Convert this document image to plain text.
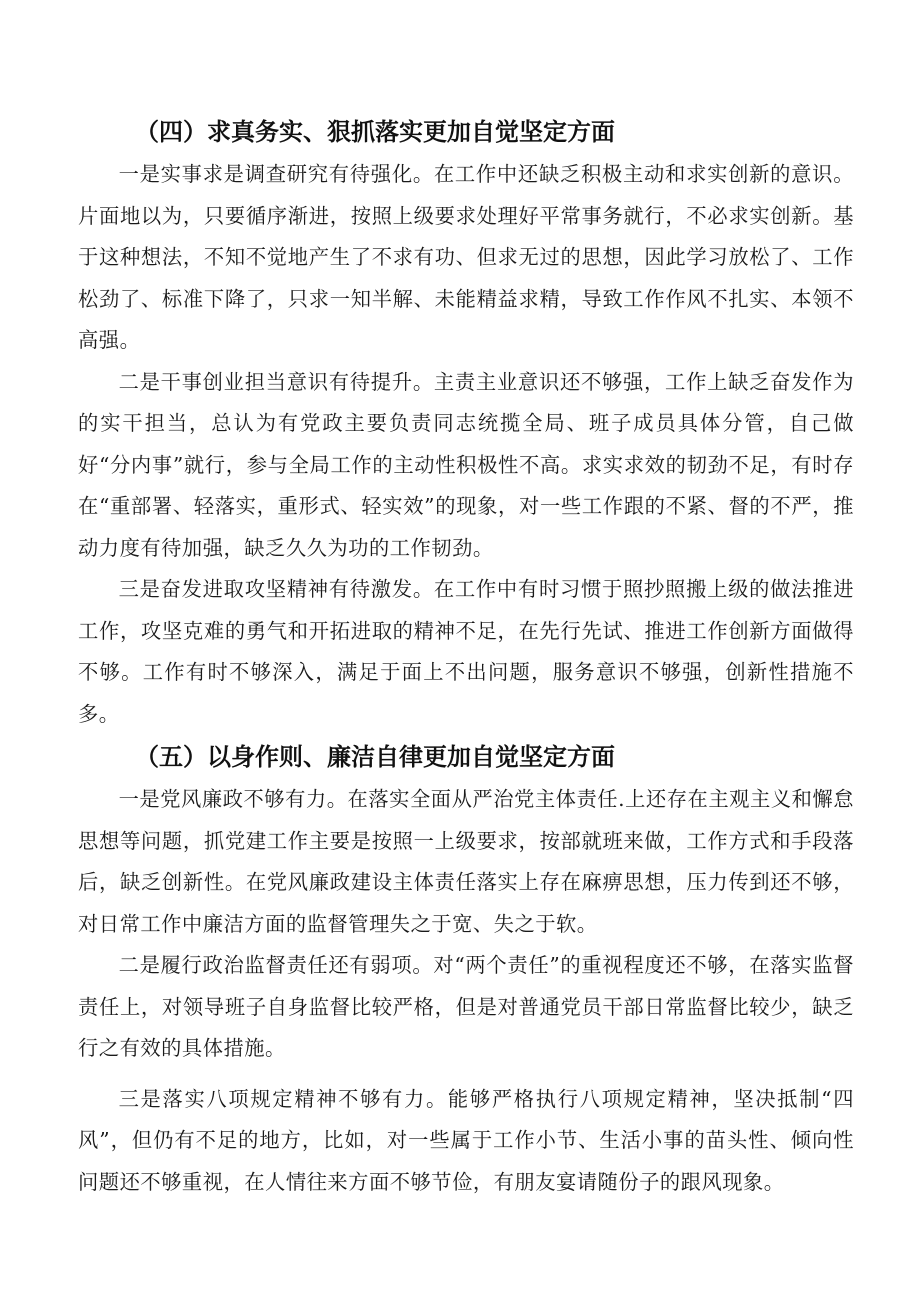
（四）求真务实、狠抓落实更加自觉坚定方面

一是实事求是调查研究有待强化。在工作中还缺乏积极主动和求实创新的意识。片面地以为，只要循序渐进，按照上级要求处理好平常事务就行，不必求实创新。基于这种想法，不知不觉地产生了不求有功、但求无过的思想，因此学习放松了、工作松劲了、标准下降了，只求一知半解、未能精益求精，导致工作作风不扎实、本领不高强。

二是干事创业担当意识有待提升。主责主业意识还不够强，工作上缺乏奋发作为的实干担当，总认为有党政主要负责同志统揽全局、班子成员具体分管，自己做好“分内事”就行，参与全局工作的主动性积极性不高。求实求效的韧劲不足，有时存在“重部署、轻落实，重形式、轻实效”的现象，对一些工作跟的不紧、督的不严，推动力度有待加强，缺乏久久为功的工作韧劲。

三是奋发进取攻坚精神有待激发。在工作中有时习惯于照抄照搬上级的做法推进工作，攻坚克难的勇气和开拓进取的精神不足，在先行先试、推进工作创新方面做得不够。工作有时不够深入，满足于面上不出问题，服务意识不够强，创新性措施不多。

（五）以身作则、廉洁自律更加自觉坚定方面

一是党风廉政不够有力。在落实全面从严治党主体责任.上还存在主观主义和懈怠思想等问题，抓党建工作主要是按照一上级要求，按部就班来做，工作方式和手段落后，缺乏创新性。在党风廉政建设主体责任落实上存在麻痹思想，压力传到还不够，对日常工作中廉洁方面的监督管理失之于宽、失之于软。

二是履行政治监督责任还有弱项。对“两个责任”的重视程度还不够，在落实监督责任上，对领导班子自身监督比较严格，但是对普通党员干部日常监督比较少，缺乏行之有效的具体措施。

三是落实八项规定精神不够有力。能够严格执行八项规定精神，坚决抵制“四风”，但仍有不足的地方，比如，对一些属于工作小节、生活小事的苗头性、倾向性问题还不够重视，在人情往来方面不够节俭，有朋友宴请随份子的跟风现象。
